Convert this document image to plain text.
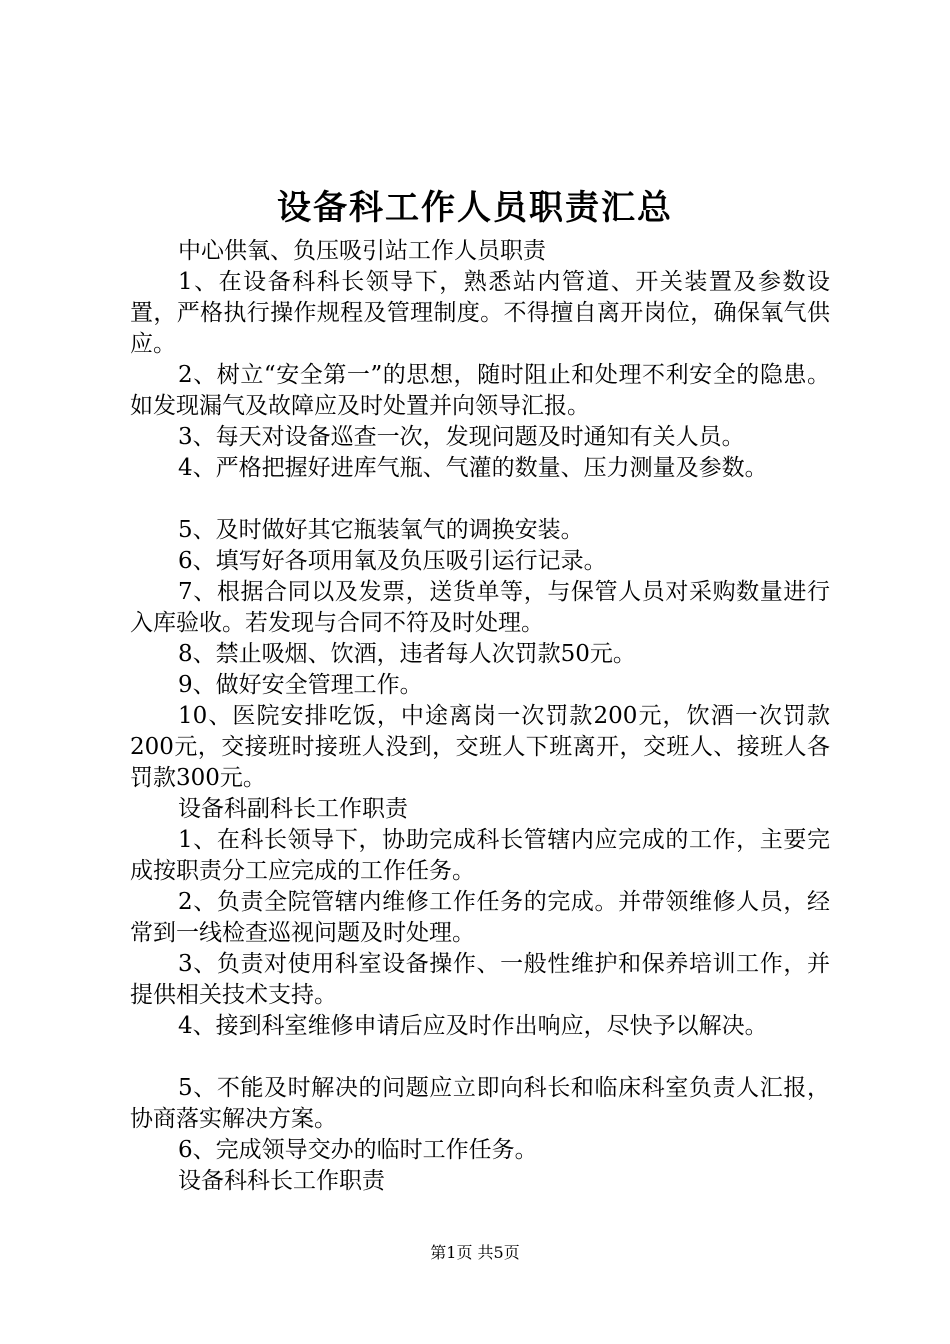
设备科工作人员职责汇总

中心供氧、负压吸引站工作人员职责

1、在设备科科长领导下，熟悉站内管道、开关装置及参数设置，严格执行操作规程及管理制度。不得擅自离开岗位，确保氧气供应。

2、树立“安全第一”的思想，随时阻止和处理不利安全的隐患。如发现漏气及故障应及时处置并向领导汇报。

3、每天对设备巡查一次，发现问题及时通知有关人员。

4、严格把握好进库气瓶、气灌的数量、压力测量及参数。

5、及时做好其它瓶装氧气的调换安装。

6、填写好各项用氧及负压吸引运行记录。

7、根据合同以及发票，送货单等，与保管人员对采购数量进行入库验收。若发现与合同不符及时处理。

8、禁止吸烟、饮酒，违者每人次罚款50元。

9、做好安全管理工作。

10、医院安排吃饭，中途离岗一次罚款200元，饮酒一次罚款200元，交接班时接班人没到，交班人下班离开，交班人、接班人各罚款300元。

设备科副科长工作职责

1、在科长领导下，协助完成科长管辖内应完成的工作，主要完成按职责分工应完成的工作任务。

2、负责全院管辖内维修工作任务的完成。并带领维修人员，经常到一线检查巡视问题及时处理。

3、负责对使用科室设备操作、一般性维护和保养培训工作，并提供相关技术支持。

4、接到科室维修申请后应及时作出响应，尽快予以解决。

5、不能及时解决的问题应立即向科长和临床科室负责人汇报，协商落实解决方案。

6、完成领导交办的临时工作任务。

设备科科长工作职责

第1页 共5页
